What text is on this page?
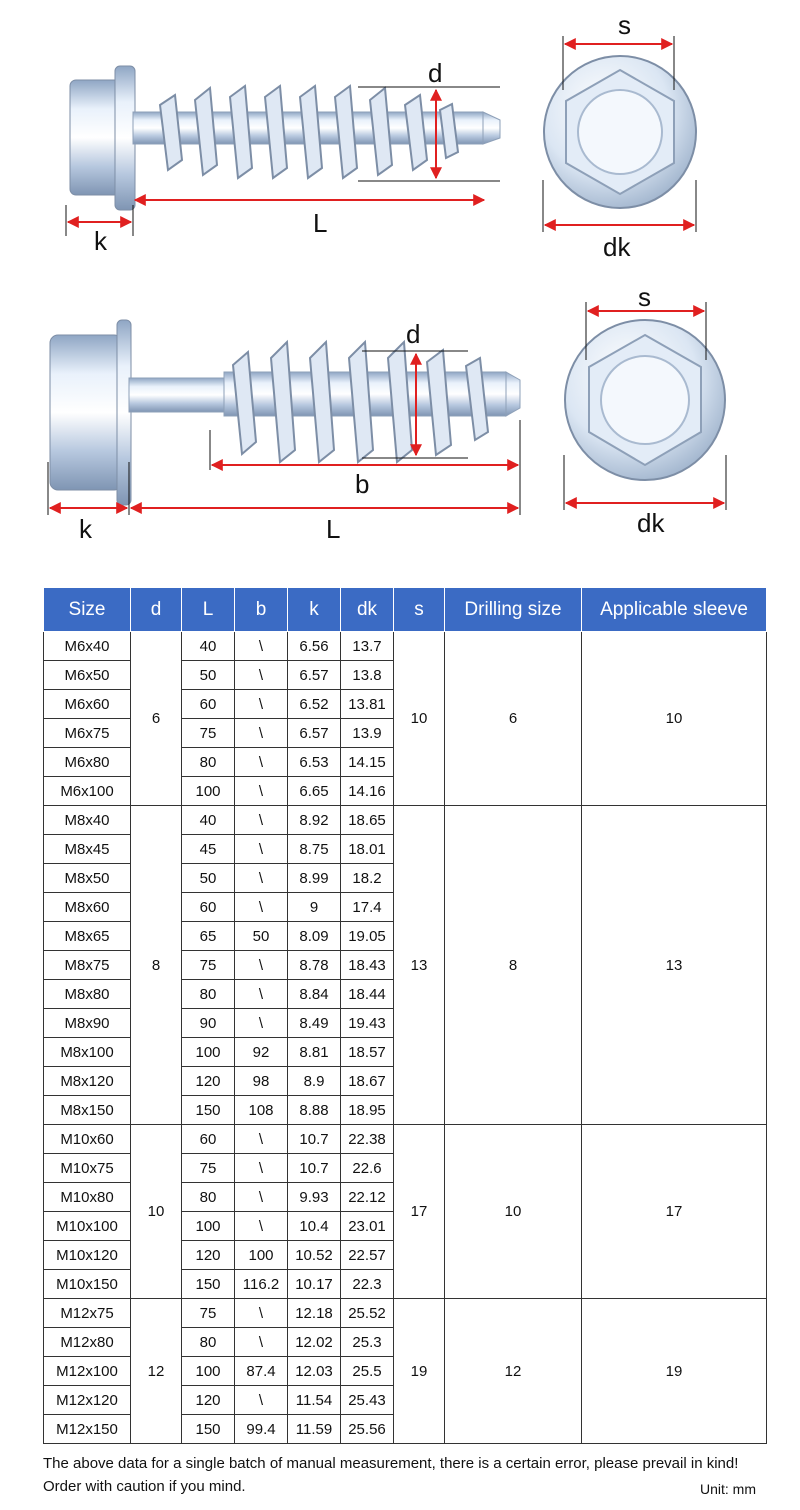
d
L
k
s
dk
d
b
L
k
s
dk
Size	d	L	b	k	dk	s	Drilling size	Applicable sleeve
M6x40	6	40	\	6.56	13.7	10	6	10
M6x50		50	\	6.57	13.8			
M6x60		60	\	6.52	13.81			
M6x75		75	\	6.57	13.9			
M6x80		80	\	6.53	14.15			
M6x100		100	\	6.65	14.16			
M8x40	8	40	\	8.92	18.65	13	8	13
M8x45		45	\	8.75	18.01			
M8x50		50	\	8.99	18.2			
M8x60		60	\	9	17.4			
M8x65		65	50	8.09	19.05			
M8x75		75	\	8.78	18.43			
M8x80		80	\	8.84	18.44			
M8x90		90	\	8.49	19.43			
M8x100		100	92	8.81	18.57			
M8x120		120	98	8.9	18.67			
M8x150		150	108	8.88	18.95			
M10x60	10	60	\	10.7	22.38	17	10	17
M10x75		75	\	10.7	22.6			
M10x80		80	\	9.93	22.12			
M10x100		100	\	10.4	23.01			
M10x120		120	100	10.52	22.57			
M10x150		150	116.2	10.17	22.3			
M12x75	12	75	\	12.18	25.52	19	12	19
M12x80		80	\	12.02	25.3			
M12x100		100	87.4	12.03	25.5			
M12x120		120	\	11.54	25.43			
M12x150		150	99.4	11.59	25.56			
The above data for a single batch of manual measurement, there is a certain error, please prevail in kind! Order with caution if you mind.	Unit: mm
